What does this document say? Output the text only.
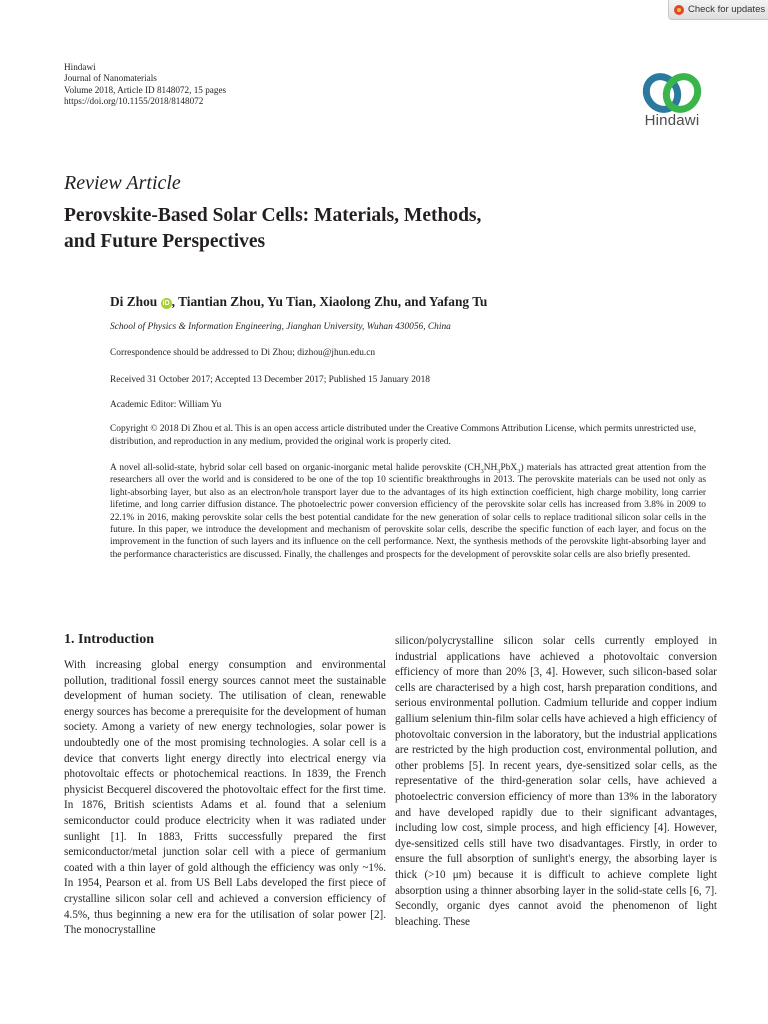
Check for updates
Hindawi
Journal of Nanomaterials
Volume 2018, Article ID 8148072, 15 pages
https://doi.org/10.1155/2018/8148072
Hindawi
Review Article
Perovskite-Based Solar Cells: Materials, Methods,
and Future Perspectives
Di Zhou iD , Tiantian Zhou, Yu Tian, Xiaolong Zhu, and Yafang Tu
School of Physics & Information Engineering, Jianghan University, Wuhan 430056, China
Correspondence should be addressed to Di Zhou; dizhou@jhun.edu.cn
Received 31 October 2017; Accepted 13 December 2017; Published 15 January 2018
Academic Editor: William Yu
Copyright © 2018 Di Zhou et al. This is an open access article distributed under the Creative Commons Attribution License, which permits unrestricted use, distribution, and reproduction in any medium, provided the original work is properly cited.
A novel all-solid-state, hybrid solar cell based on organic-inorganic metal halide perovskite $(CH_3NH_3PbX_3)$ materials has attracted great attention from the researchers all over the world and is considered to be one of the top 10 scientific breakthroughs in 2013. The perovskite materials can be used not only as light-absorbing layer, but also as an electron/hole transport layer due to the advantages of its high extinction coefficient, high charge mobility, long carrier lifetime, and long carrier diffusion distance. The photoelectric power conversion efficiency of the perovskite solar cells has increased from 3.8% in 2009 to 22.1% in 2016, making perovskite solar cells the best potential candidate for the new generation of solar cells to replace traditional silicon solar cells in the future. In this paper, we introduce the development and mechanism of perovskite solar cells, describe the specific function of each layer, and focus on the improvement in the function of such layers and its influence on the cell performance. Next, the synthesis methods of the perovskite light-absorbing layer and the performance characteristics are discussed. Finally, the challenges and prospects for the development of perovskite solar cells are also briefly presented.
1. Introduction
With increasing global energy consumption and environmental pollution, traditional fossil energy sources cannot meet the sustainable development of human society. The utilisation of clean, renewable energy sources has become a prerequisite for the development of human society. Among a variety of new energy technologies, solar power is undoubtedly one of the most promising technologies. A solar cell is a device that converts light energy directly into electrical energy via photovoltaic effects or photochemical reactions. In 1839, the French physicist Becquerel discovered the photovoltaic effect for the first time. In 1876, British scientists Adams et al. found that a selenium semiconductor could produce electricity when it was radiated under sunlight [1]. In 1883, Fritts successfully prepared the first semiconductor/metal junction solar cell with a piece of germanium coated with a thin layer of gold although the efficiency was only ~1%. In 1954, Pearson et al. from US Bell Labs developed the first piece of crystalline silicon solar cell and achieved a conversion efficiency of 4.5%, thus beginning a new era for the utilisation of solar power [2]. The monocrystalline
silicon/polycrystalline silicon solar cells currently employed in industrial applications have achieved a photovoltaic conversion efficiency of more than 20% [3, 4]. However, such silicon-based solar cells are characterised by a high cost, harsh preparation conditions, and serious environmental pollution. Cadmium telluride and copper indium gallium selenium thin-film solar cells have achieved a high efficiency of photovoltaic conversion in the laboratory, but the industrial applications are restricted by the high production cost, environmental pollution, and other problems [5]. In recent years, dye-sensitized solar cells, as the representative of the third-generation solar cells, have achieved a photoelectric conversion efficiency of more than 13% in the laboratory and have developed rapidly due to their significant advantages, including low cost, simple process, and high efficiency [4]. However, dye-sensitized cells still have two disadvantages. Firstly, in order to ensure the full absorption of sunlight's energy, the absorbing layer is thick (>10 μm) because it is difficult to achieve complete light absorption using a thinner absorbing layer in the solid-state cells [6, 7]. Secondly, organic dyes cannot avoid the phenomenon of light bleaching. These
